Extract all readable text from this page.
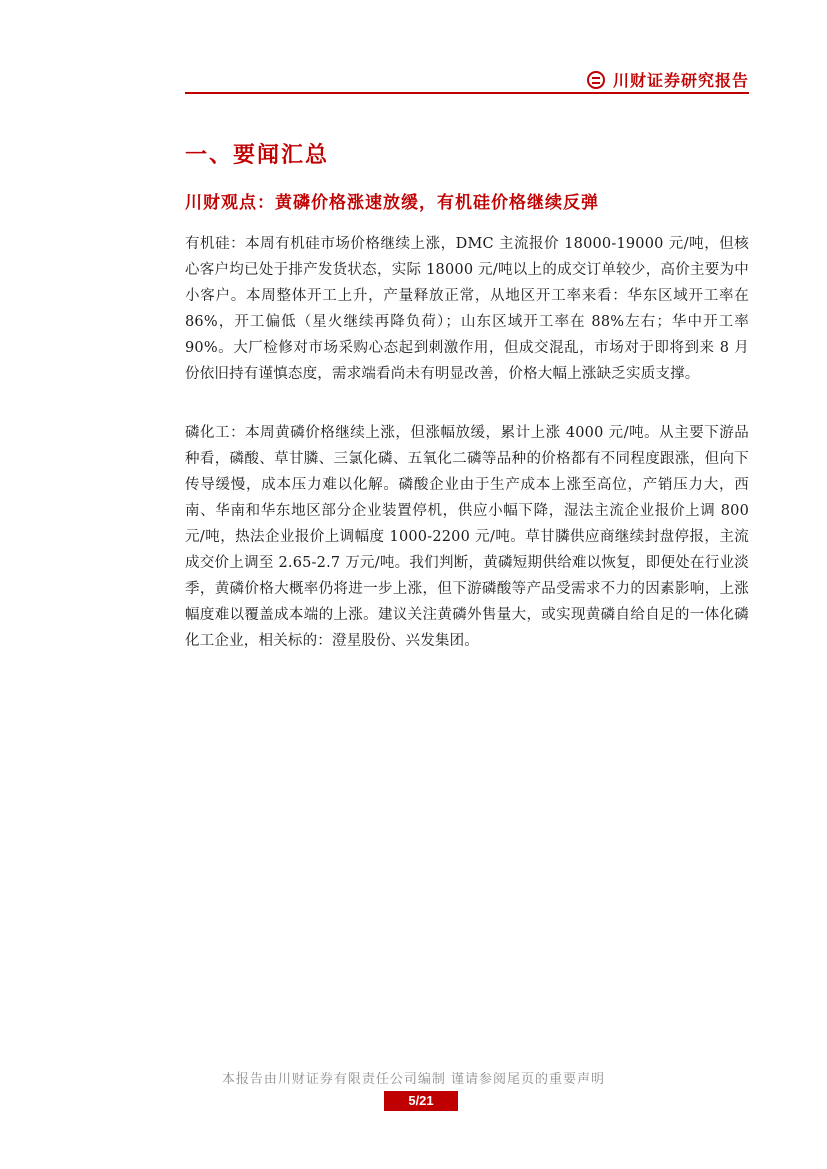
川财证券研究报告
一、要闻汇总
川财观点：黄磷价格涨速放缓，有机硅价格继续反弹

有机硅：本周有机硅市场价格继续上涨，DMC 主流报价 18000-19000 元/吨，但核心客户均已处于排产发货状态，实际 18000 元/吨以上的成交订单较少，高价主要为中小客户。本周整体开工上升，产量释放正常，从地区开工率来看：华东区域开工率在 86%，开工偏低（星火继续再降负荷）；山东区域开工率在 88%左右；华中开工率 90%。大厂检修对市场采购心态起到刺激作用，但成交混乱，市场对于即将到来 8 月份依旧持有谨慎态度，需求端看尚未有明显改善，价格大幅上涨缺乏实质支撑。

磷化工：本周黄磷价格继续上涨，但涨幅放缓，累计上涨 4000 元/吨。从主要下游品种看，磷酸、草甘膦、三氯化磷、五氧化二磷等品种的价格都有不同程度跟涨，但向下传导缓慢，成本压力难以化解。磷酸企业由于生产成本上涨至高位，产销压力大，西南、华南和华东地区部分企业装置停机，供应小幅下降，湿法主流企业报价上调 800 元/吨，热法企业报价上调幅度 1000-2200 元/吨。草甘膦供应商继续封盘停报，主流成交价上调至 2.65-2.7 万元/吨。我们判断，黄磷短期供给难以恢复，即便处在行业淡季，黄磷价格大概率仍将进一步上涨，但下游磷酸等产品受需求不力的因素影响，上涨幅度难以覆盖成本端的上涨。建议关注黄磷外售量大，或实现黄磷自给自足的一体化磷化工企业，相关标的：澄星股份、兴发集团。

本报告由川财证券有限责任公司编制 谨请参阅尾页的重要声明
5/21
